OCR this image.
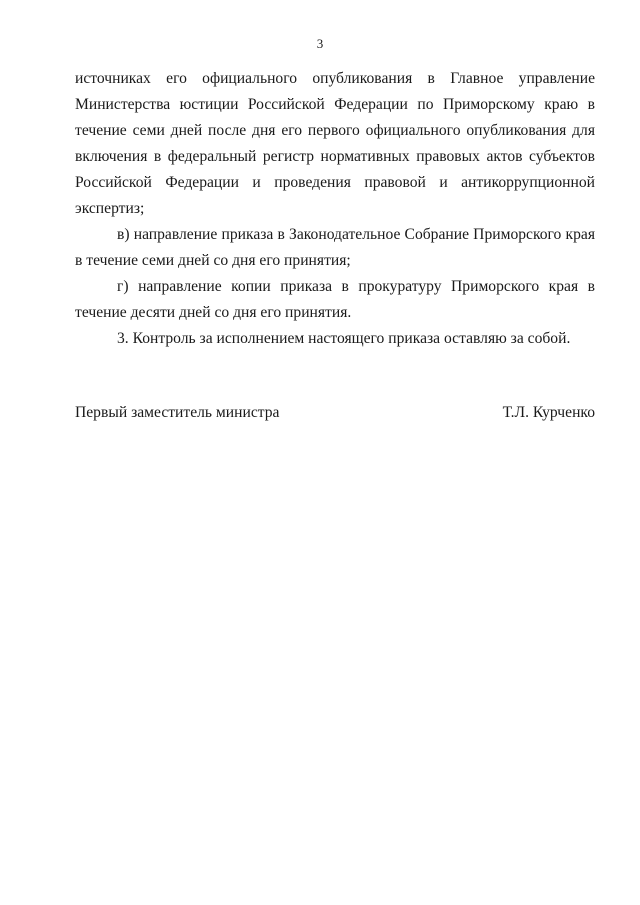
3

источниках его официального опубликования в Главное управление Министерства юстиции Российской Федерации по Приморскому краю в течение семи дней после дня его первого официального опубликования для включения в федеральный регистр нормативных правовых актов субъектов Российской Федерации и проведения правовой и антикоррупционной экспертиз;

в) направление приказа в Законодательное Собрание Приморского края в течение семи дней со дня его принятия;

г) направление копии приказа в прокуратуру Приморского края в течение десяти дней со дня его принятия.

3. Контроль за исполнением настоящего приказа оставляю за собой.

Первый заместитель министра	Т.Л. Курченко
